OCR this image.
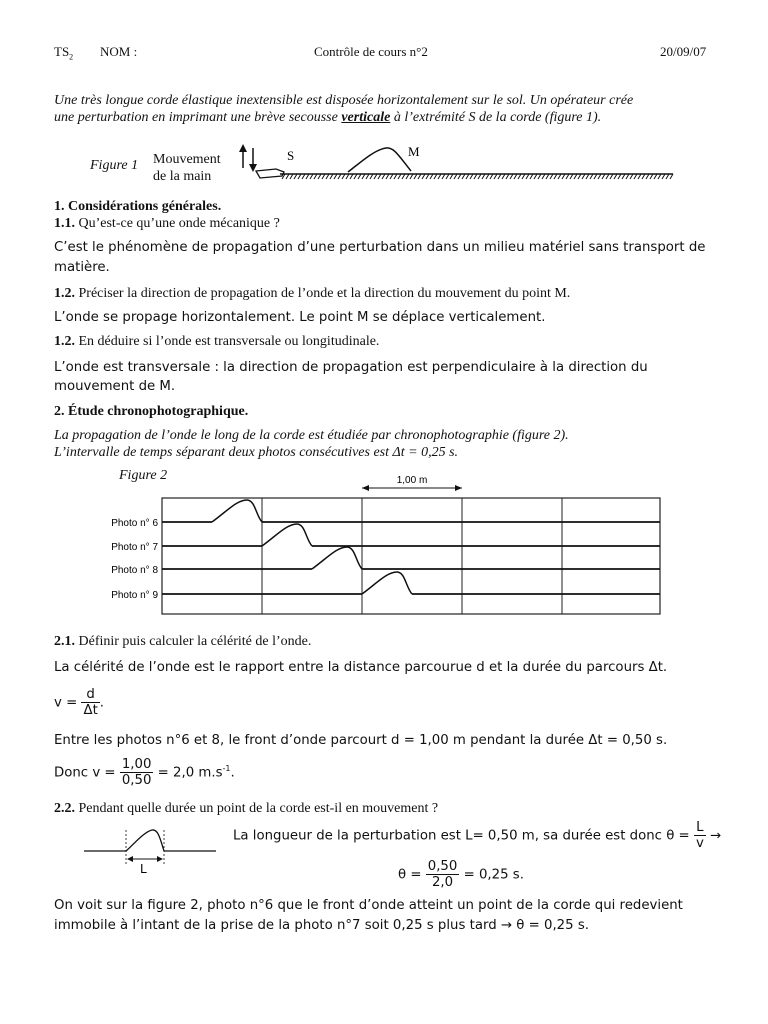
$TS_2$ NOM :	Contrôle de cours n°2	20/09/07
Une très longue corde élastique inextensible est disposée horizontalement sur le sol. Un opérateur crée
une perturbation en imprimant une brève secousse verticale à l’extrémité S de la corde (figure 1).
Figure 1 Mouvement
de la main
S	M
1. Considérations générales.
1.1. Qu’est-ce qu’une onde mécanique ?
C’est le phénomène de propagation d’une perturbation dans un milieu matériel sans transport de
matière.
1.2. Préciser la direction de propagation de l’onde et la direction du mouvement du point M.
L’onde se propage horizontalement. Le point M se déplace verticalement.
1.2. En déduire si l’onde est transversale ou longitudinale.
L’onde est transversale : la direction de propagation est perpendiculaire à la direction du
mouvement de M.
2. Étude chronophotographique.
La propagation de l’onde le long de la corde est étudiée par chronophotographie (figure 2).
L’intervalle de temps séparant deux photos consécutives est Δt = 0,25 s.
Figure 2	1,00 m
Photo n° 6
Photo n° 7
Photo n° 8
Photo n° 9
2.1. Définir puis calculer la célérité de l’onde.
La célérité de l’onde est le rapport entre la distance parcourue d et la durée du parcours Δt.
$v = \frac{d}{\Delta t}$ .
Entre les photos n°6 et 8, le front d’onde parcourt d = 1,00 m pendant la durée Δt = 0,50 s.
Donc $v = \frac{1,00}{0,50} = 2,0$ $m.s^{-1}$.
2.2. Pendant quelle durée un point de la corde est-il en mouvement ?
L
La longueur de la perturbation est L= 0,50 m, sa durée est donc $\theta = \frac{L}{v}$ →
$\theta = \frac{0,50}{2,0} = 0,25$ s.
On voit sur la figure 2, photo n°6 que le front d’onde atteint un point de la corde qui redevient
immobile à l’intant de la prise de la photo n°7 soit 0,25 s plus tard → θ = 0,25 s.
